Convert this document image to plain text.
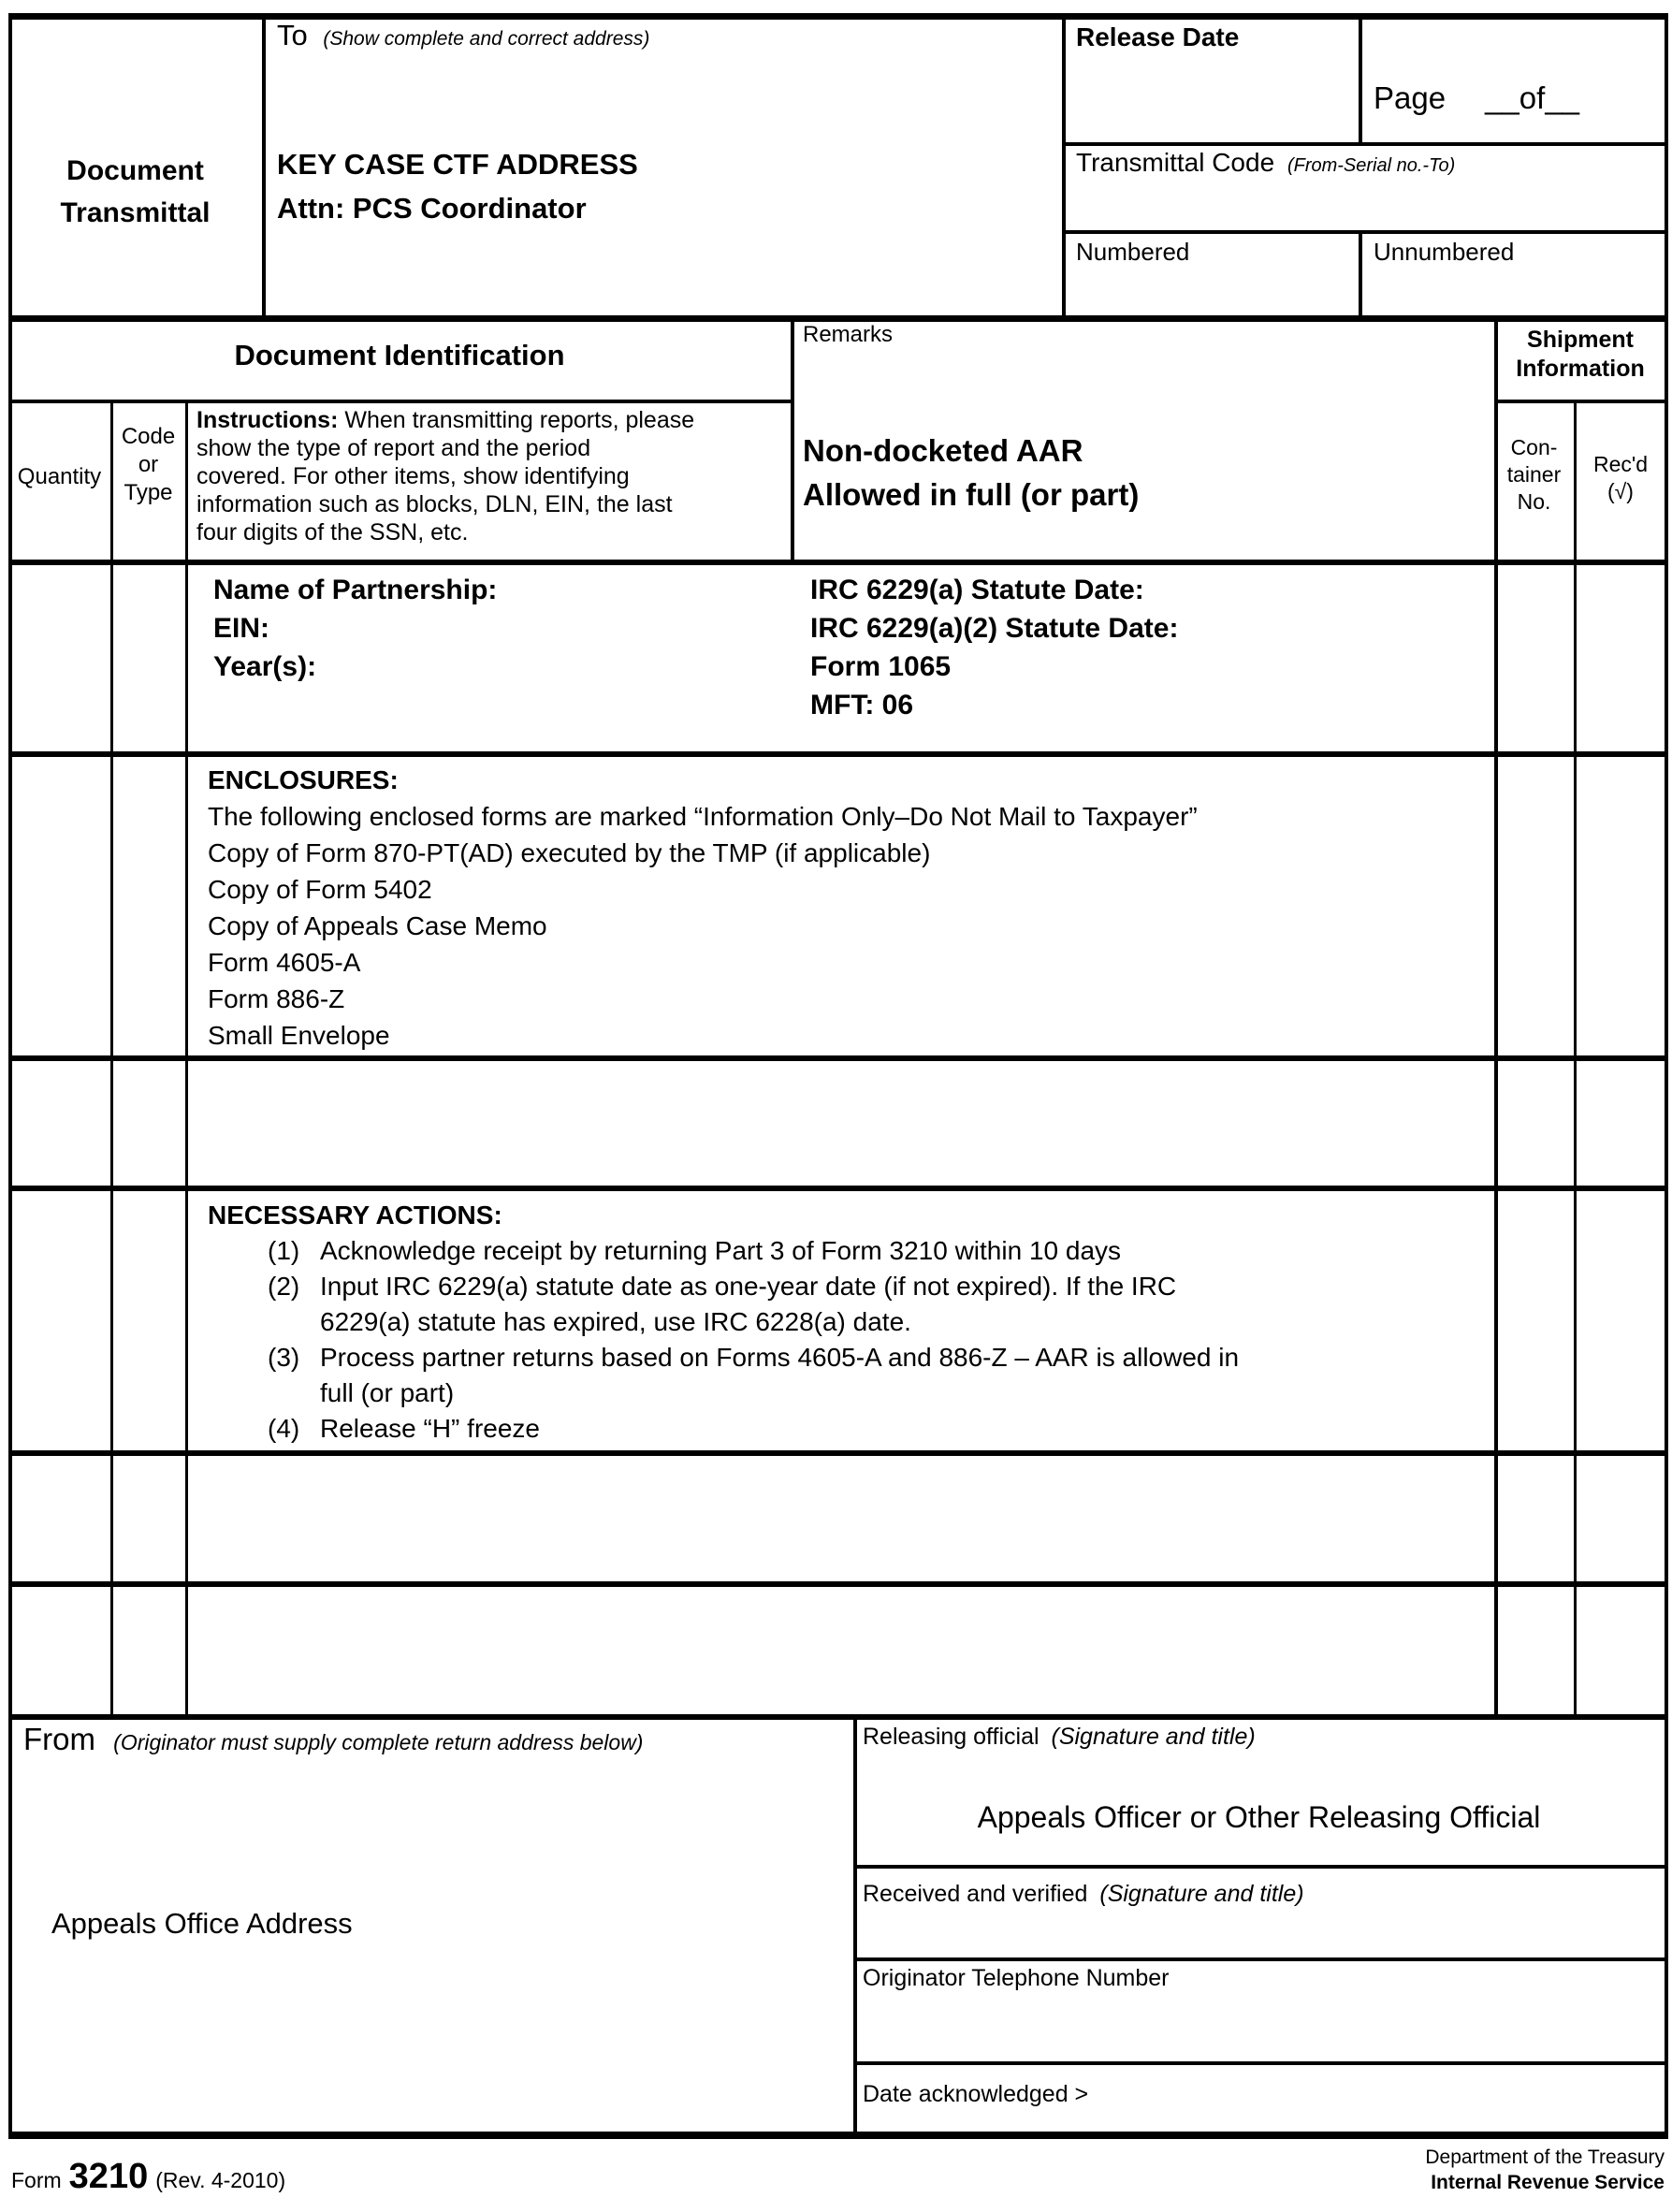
Document
Transmittal
To (Show complete and correct address)
KEY CASE CTF ADDRESS
Attn: PCS Coordinator
Release Date
Page __of__
Transmittal Code (From-Serial no.-To)
Numbered	Unnumbered
Document Identification
Remarks
Non-docketed AAR
Allowed in full (or part)
Shipment Information
Quantity
Code or Type
Instructions: When transmitting reports, please
show the type of report and the period
covered. For other items, show identifying
information such as blocks, DLN, EIN, the last
four digits of the SSN, etc.
Con-
tainer
No.
Rec'd
(√)
Name of Partnership:
EIN:
Year(s):
IRC 6229(a) Statute Date:
IRC 6229(a)(2) Statute Date:
Form 1065
MFT: 06
ENCLOSURES:
The following enclosed forms are marked “Information Only–Do Not Mail to Taxpayer”
Copy of Form 870-PT(AD) executed by the TMP (if applicable)
Copy of Form 5402
Copy of Appeals Case Memo
Form 4605-A
Form 886-Z
Small Envelope
NECESSARY ACTIONS:
(1) Acknowledge receipt by returning Part 3 of Form 3210 within 10 days
(2) Input IRC 6229(a) statute date as one-year date (if not expired). If the IRC
6229(a) statute has expired, use IRC 6228(a) date.
(3) Process partner returns based on Forms 4605-A and 886-Z – AAR is allowed in
full (or part)
(4) Release “H” freeze
From (Originator must supply complete return address below)
Appeals Office Address
Releasing official (Signature and title)
Appeals Officer or Other Releasing Official
Received and verified (Signature and title)
Originator Telephone Number
Date acknowledged >
Form 3210 (Rev. 4-2010)
Department of the Treasury
Internal Revenue Service
